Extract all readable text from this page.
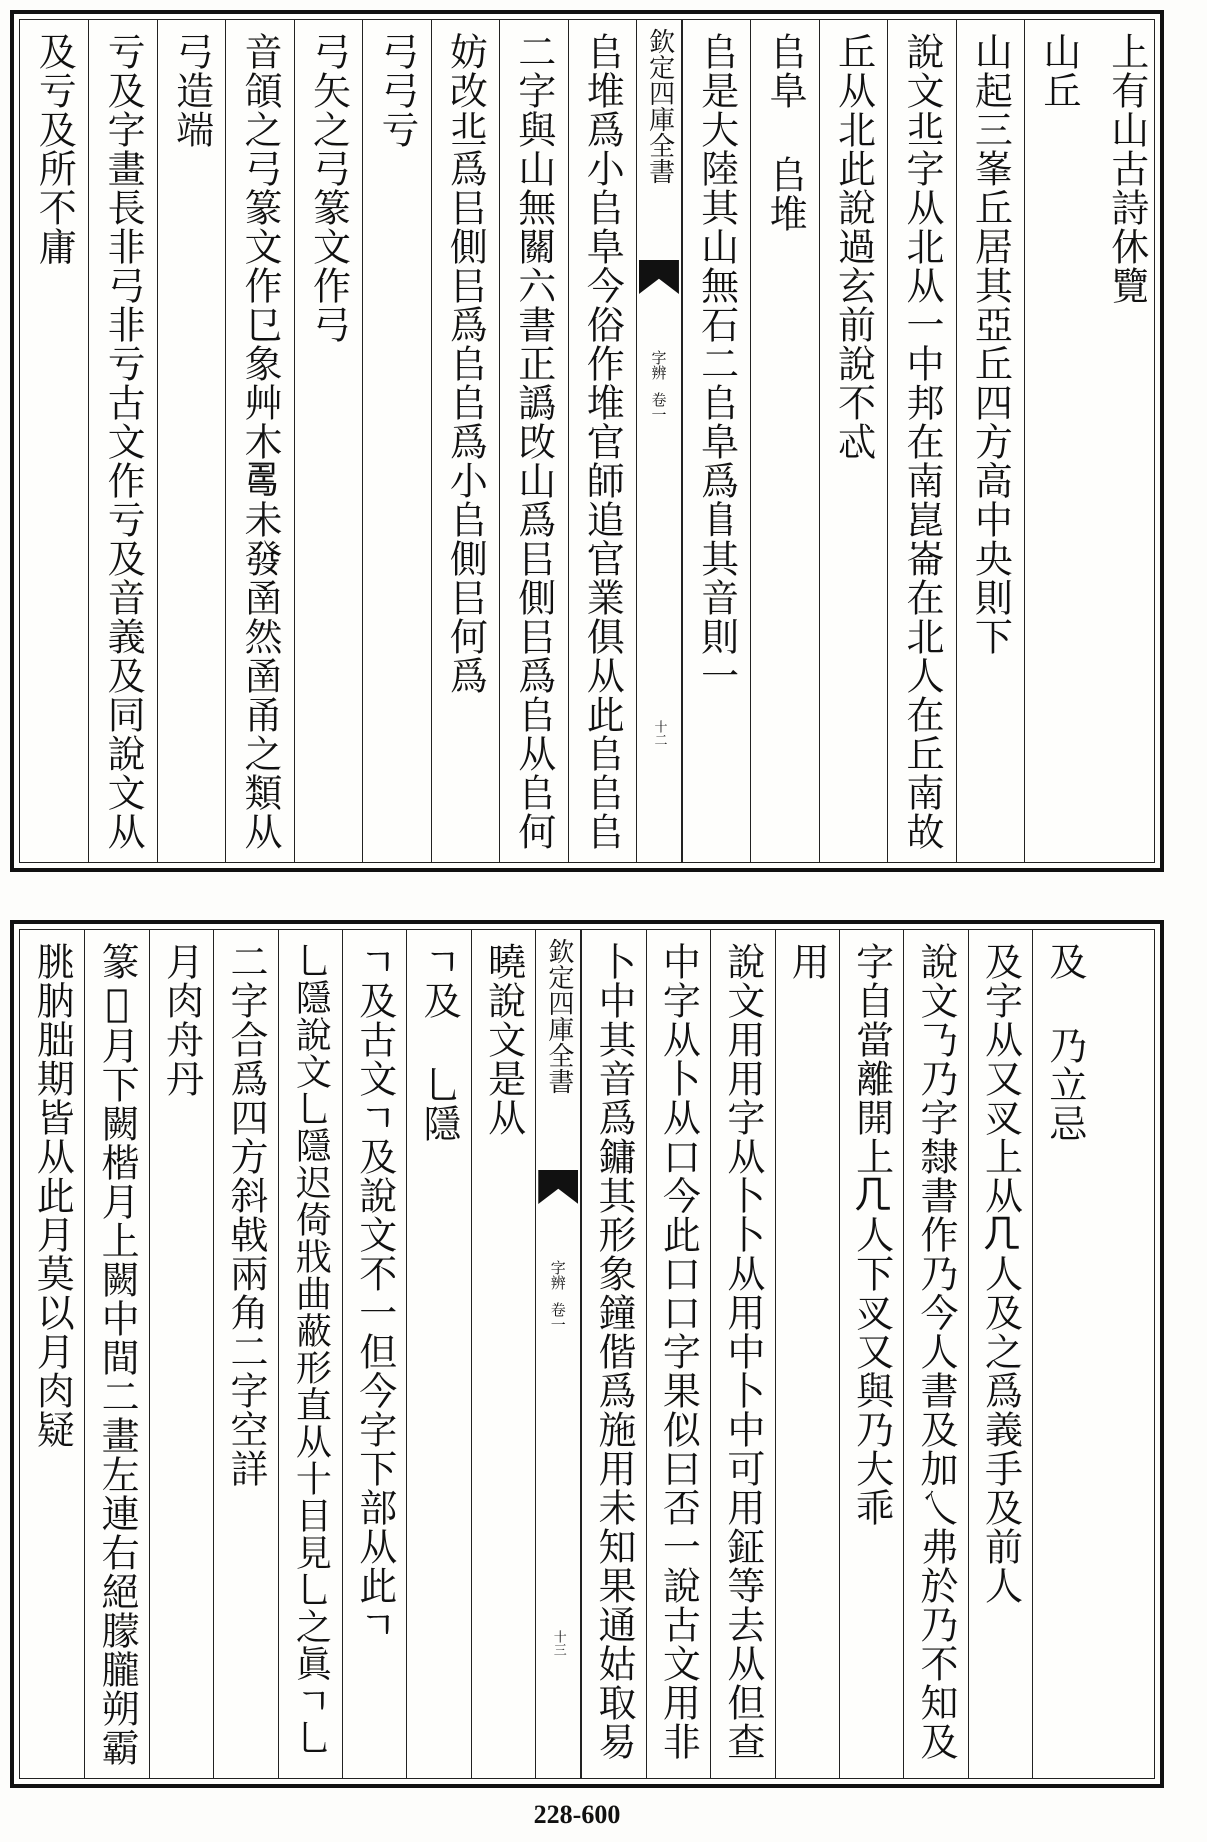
上有山古詩休覽
山丘
山起三峯丘居其亞丘四方高中央則下
說文丠字从北从一中邦在南崑崙在北人在丘南故
丘从北此說過玄前說不忒
𠂤阜 𠂤堆
𠂤是大陸其山無石二𠂤阜爲𨸏其音則一
欽定四庫全書
字辨
卷一
十二
𠂤堆爲小𠂤阜今俗作堆官師追官業俱从此𠂤𠂤𠂤
二字與山無關六書正譌攺山爲㠯側㠯爲𠂤从𠂤何
妨改丠爲㠯側㠯爲𠂤𠂤爲小𠂤側㠯何爲
弓弓亏
弓矢之弓篆文作弓
音頜之弓篆文作㔾象艸木𠷎未發圅然圅甬之類从
弓造端
亏及字畫長非弓非亏古文作亏及音義及同說文从
及亏及所不庸
及 乃立忌
及字从又㕚上从𠘧人及之爲義手及前人
說文𠄎乃字隸書作乃今人書及加乀弗於乃不知及
字自當離開上𠘧人下㕚又與乃大乖
用
說文用用字从卜卜从用中卜中可用鉦等去从但查
中字从卜从口今此口口字果似曰否一說古文用非
卜中其音爲鏞其形象鐘偕爲施用未知果通姑取易
欽定四庫全書
字辨
卷一
十三
曉說文是从
ㄱ及 乚隱
ㄱ及古文ㄱ及說文不一但今字下部从此ㄱ
乚隱說文乚隱迟倚戕曲蔽形直从十目見乚之眞ㄱ乚
二字合爲四方斜㦸兩角二字空詳
月肉舟丹
篆𠕎月下闕楷月上闕中間二畫左連右絕朦朧朔霸
朓肭朏期皆从此月莫以月肉疑
228-600
